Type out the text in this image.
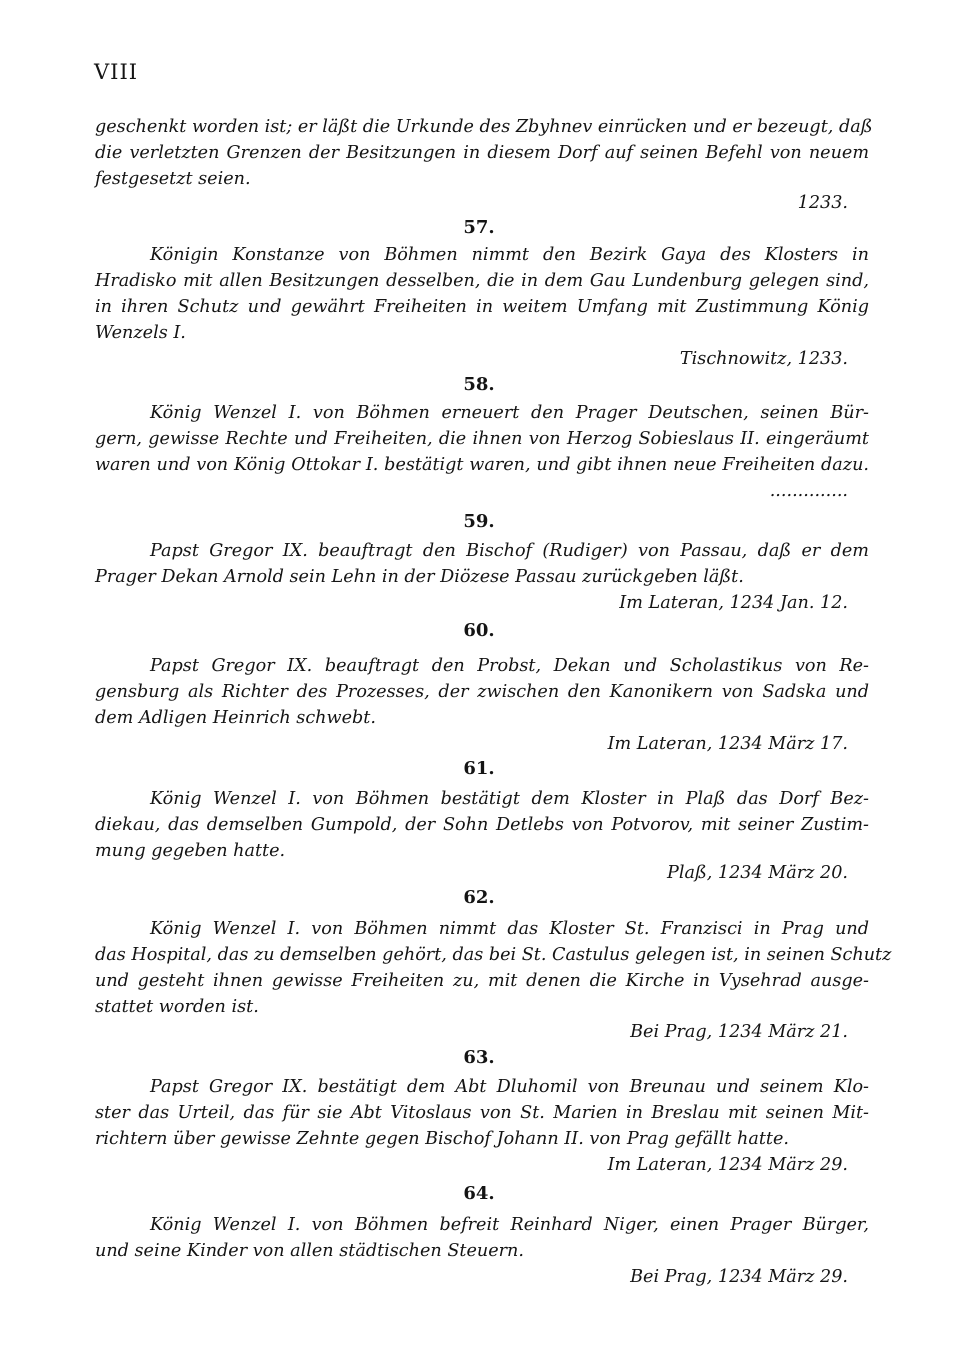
VIII

geschenkt worden ist; er läßt die Urkunde des Zbyhnev einrücken und er bezeugt, daß

die verletzten Grenzen der Besitzungen in diesem Dorf auf seinen Befehl von neuem

festgesetzt seien.

1233.
57.

Königin Konstanze von Böhmen nimmt den Bezirk Gaya des Klosters in

Hradisko mit allen Besitzungen desselben, die in dem Gau Lundenburg gelegen sind,

in ihren Schutz und gewährt Freiheiten in weitem Umfang mit Zustimmung König

Wenzels I.

Tischnowitz, 1233.
58.

König Wenzel I. von Böhmen erneuert den Prager Deutschen, seinen Bür-

gern, gewisse Rechte und Freiheiten, die ihnen von Herzog Sobieslaus II. eingeräumt

waren und von König Ottokar I. bestätigt waren, und gibt ihnen neue Freiheiten dazu.

..............
59.

Papst Gregor IX. beauftragt den Bischof (Rudiger) von Passau, daß er dem

Prager Dekan Arnold sein Lehn in der Diözese Passau zurückgeben läßt.

Im Lateran, 1234 Jan. 12.
60.

Papst Gregor IX. beauftragt den Probst, Dekan und Scholastikus von Re-

gensburg als Richter des Prozesses, der zwischen den Kanonikern von Sadska und

dem Adligen Heinrich schwebt.

Im Lateran, 1234 März 17.
61.

König Wenzel I. von Böhmen bestätigt dem Kloster in Plaß das Dorf Bez-

diekau, das demselben Gumpold, der Sohn Detlebs von Potvorov, mit seiner Zustim-

mung gegeben hatte.

Plaß, 1234 März 20.
62.

König Wenzel I. von Böhmen nimmt das Kloster St. Franzisci in Prag und

das Hospital, das zu demselben gehört, das bei St. Castulus gelegen ist, in seinen Schutz

und gesteht ihnen gewisse Freiheiten zu, mit denen die Kirche in Vysehrad ausge-

stattet worden ist.

Bei Prag, 1234 März 21.
63.

Papst Gregor IX. bestätigt dem Abt Dluhomil von Breunau und seinem Klo-

ster das Urteil, das für sie Abt Vitoslaus von St. Marien in Breslau mit seinen Mit-

richtern über gewisse Zehnte gegen Bischof Johann II. von Prag gefällt hatte.

Im Lateran, 1234 März 29.
64.

König Wenzel I. von Böhmen befreit Reinhard Niger, einen Prager Bürger,

und seine Kinder von allen städtischen Steuern.

Bei Prag, 1234 März 29.
